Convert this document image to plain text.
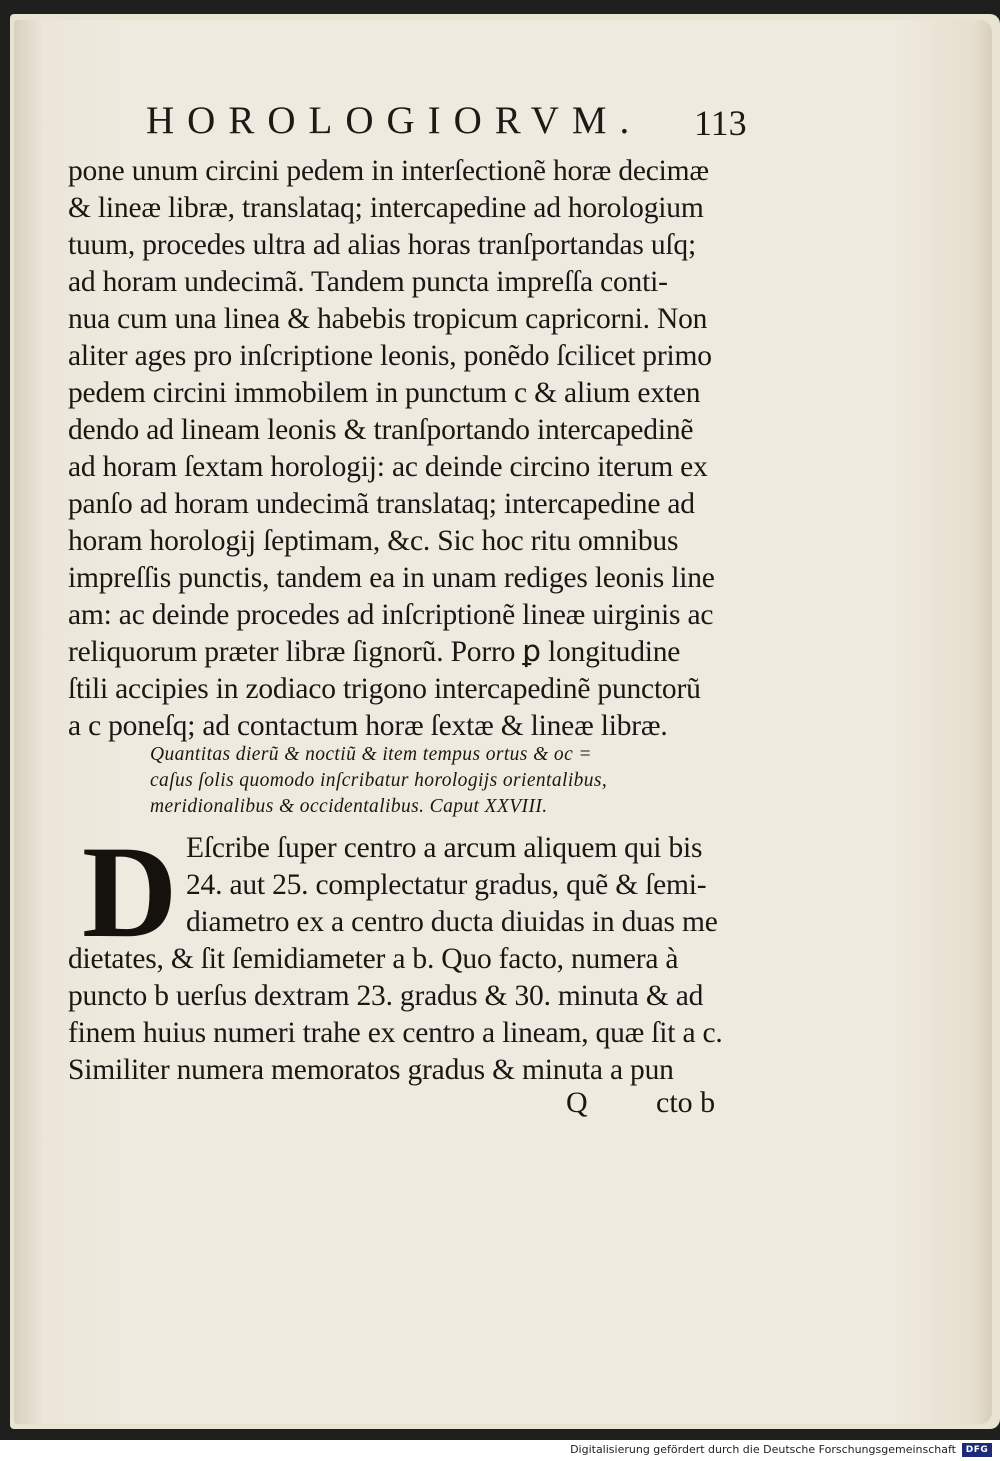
HOROLOGIORVM. 113
pone unum circini pedem in interſectionẽ horæ decimæ
& lineæ libræ, translataq; intercapedine ad horologium
tuum, procedes ultra ad alias horas tranſportandas uſq;
ad horam undecimã. Tandem puncta impreſſa conti-
nua cum una linea & habebis tropicum capricorni. Non
aliter ages pro inſcriptione leonis, ponẽdo ſcilicet primo
pedem circini immobilem in punctum c & alium exten
dendo ad lineam leonis & tranſportando intercapedinẽ
ad horam ſextam horologij: ac deinde circino iterum ex
panſo ad horam undecimã translataq; intercapedine ad
horam horologij ſeptimam, &c. Sic hoc ritu omnibus
impreſſis punctis, tandem ea in unam rediges leonis line
am: ac deinde procedes ad inſcriptionẽ lineæ uirginis ac
reliquorum præter libræ ſignorũ. Porro ꝑ longitudine
ſtili accipies in zodiaco trigono intercapedinẽ punctorũ
a c poneſq; ad contactum horæ ſextæ & lineæ libræ.
Quantitas dierũ & noctiũ & item tempus ortus & oc =
caſus ſolis quomodo inſcribatur horologijs orientalibus,
meridionalibus & occidentalibus. Caput XXVIII.
D Eſcribe ſuper centro a arcum aliquem qui bis
24. aut 25. complectatur gradus, quẽ & ſemi-
diametro ex a centro ducta diuidas in duas me
dietates, & ſit ſemidiameter a b. Quo facto, numera à
puncto b uerſus dextram 23. gradus & 30. minuta & ad
finem huius numeri trahe ex centro a lineam, quæ ſit a c.
Similiter numera memoratos gradus & minuta a pun
Q cto b
Digitalisierung gefördert durch die Deutsche Forschungsgemeinschaft	DFG
